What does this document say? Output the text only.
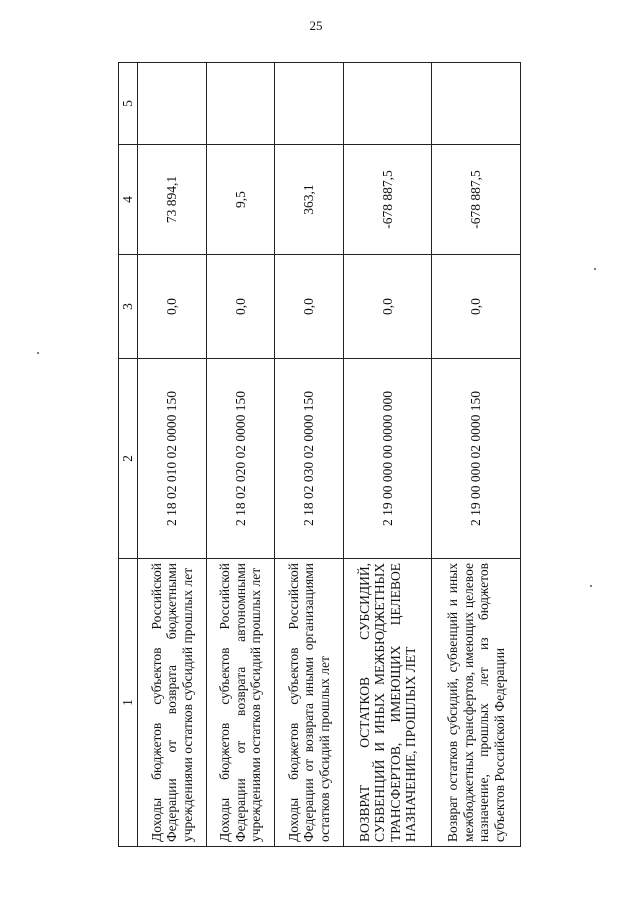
25
1	2	3	4	5
Доходы бюджетов субъектов Российской Федерации от возврата бюджетными учреждениями остатков субсидий прошлых лет	2 18 02 010 02 0000 150	0,0	73 894,1	
Доходы бюджетов субъектов Российской Федерации от возврата автономными учреждениями остатков субсидий прошлых лет	2 18 02 020 02 0000 150	0,0	9,5	
Доходы бюджетов субъектов Российской Федерации от возврата иными организациями остатков субсидий прошлых лет	2 18 02 030 02 0000 150	0,0	363,1	
ВОЗВРАТ ОСТАТКОВ СУБСИДИЙ, СУБВЕНЦИЙ И ИНЫХ МЕЖБЮДЖЕТНЫХ ТРАНСФЕРТОВ, ИМЕЮЩИХ ЦЕЛЕВОЕ НАЗНАЧЕНИЕ, ПРОШЛЫХ ЛЕТ	2 19 00 000 00 0000 000	0,0	-678 887,5	
Возврат остатков субсидий, субвенций и иных межбюджетных трансфертов, имеющих целевое назначение, прошлых лет из бюджетов субъектов Российской Федерации	2 19 00 000 02 0000 150	0,0	-678 887,5	
